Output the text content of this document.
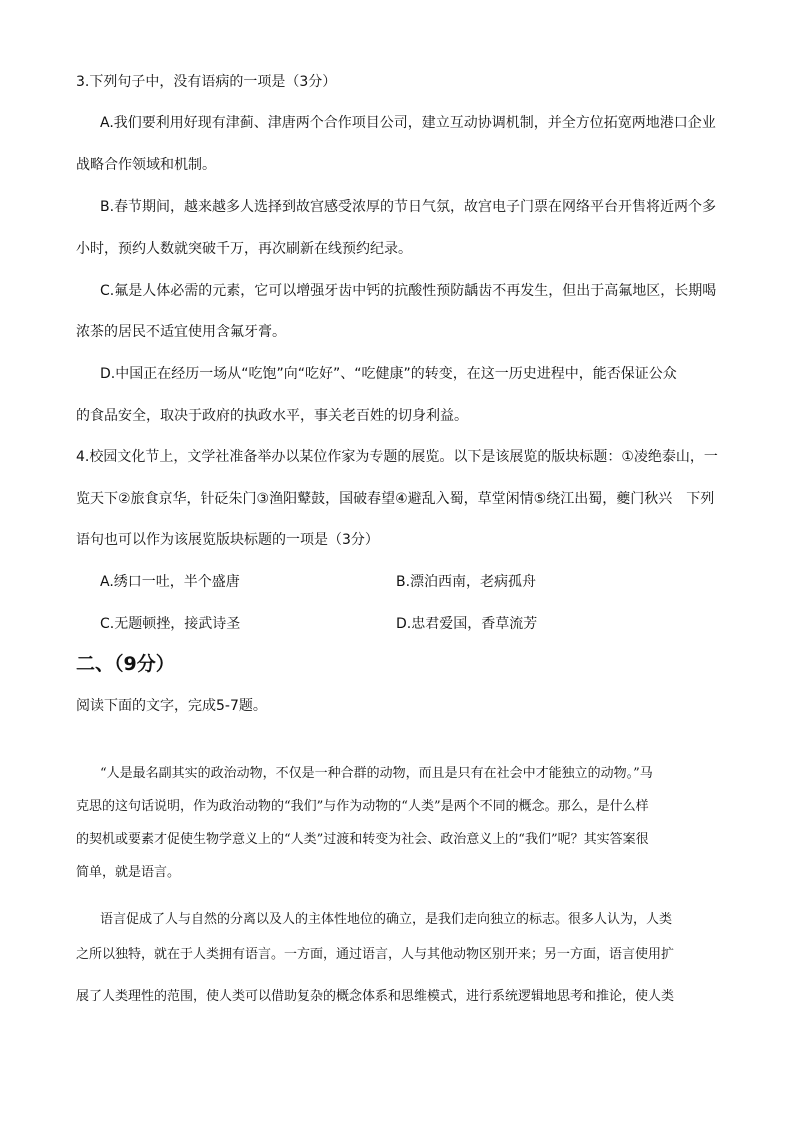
3.下列句子中，没有语病的一项是（3分）
A.我们要利用好现有津蓟、津唐两个合作项目公司，建立互动协调机制，并全方位拓宽两地港口企业
战略合作领域和机制。
B.春节期间，越来越多人选择到故宫感受浓厚的节日气氛，故宫电子门票在网络平台开售将近两个多
小时，预约人数就突破千万，再次刷新在线预约纪录。
C.氟是人体必需的元素，它可以增强牙齿中钙的抗酸性预防龋齿不再发生，但出于高氟地区，长期喝
浓茶的居民不适宜使用含氟牙膏。
D.中国正在经历一场从“吃饱”向“吃好”、“吃健康”的转变，在这一历史进程中，能否保证公众
的食品安全，取决于政府的执政水平，事关老百姓的切身利益。
4.校园文化节上，文学社准备举办以某位作家为专题的展览。以下是该展览的版块标题：①凌绝泰山，一
览天下②旅食京华，针砭朱门③渔阳鼙鼓，国破春望④避乱入蜀，草堂闲情⑤绕江出蜀，夔门秋兴　下列
语句也可以作为该展览版块标题的一项是（3分）
A.绣口一吐，半个盛唐	B.漂泊西南，老病孤舟
C.无题顿挫，接武诗圣	D.忠君爱国，香草流芳
二、（9分）
阅读下面的文字，完成5-7题。
“人是最名副其实的政治动物，不仅是一种合群的动物，而且是只有在社会中才能独立的动物。”马
克思的这句话说明，作为政治动物的“我们”与作为动物的“人类”是两个不同的概念。那么，是什么样
的契机或要素才促使生物学意义上的“人类”过渡和转变为社会、政治意义上的“我们”呢？其实答案很
简单，就是语言。
语言促成了人与自然的分离以及人的主体性地位的确立，是我们走向独立的标志。很多人认为，人类
之所以独特，就在于人类拥有语言。一方面，通过语言，人与其他动物区别开来；另一方面，语言使用扩
展了人类理性的范围，使人类可以借助复杂的概念体系和思维模式，进行系统逻辑地思考和推论，使人类
